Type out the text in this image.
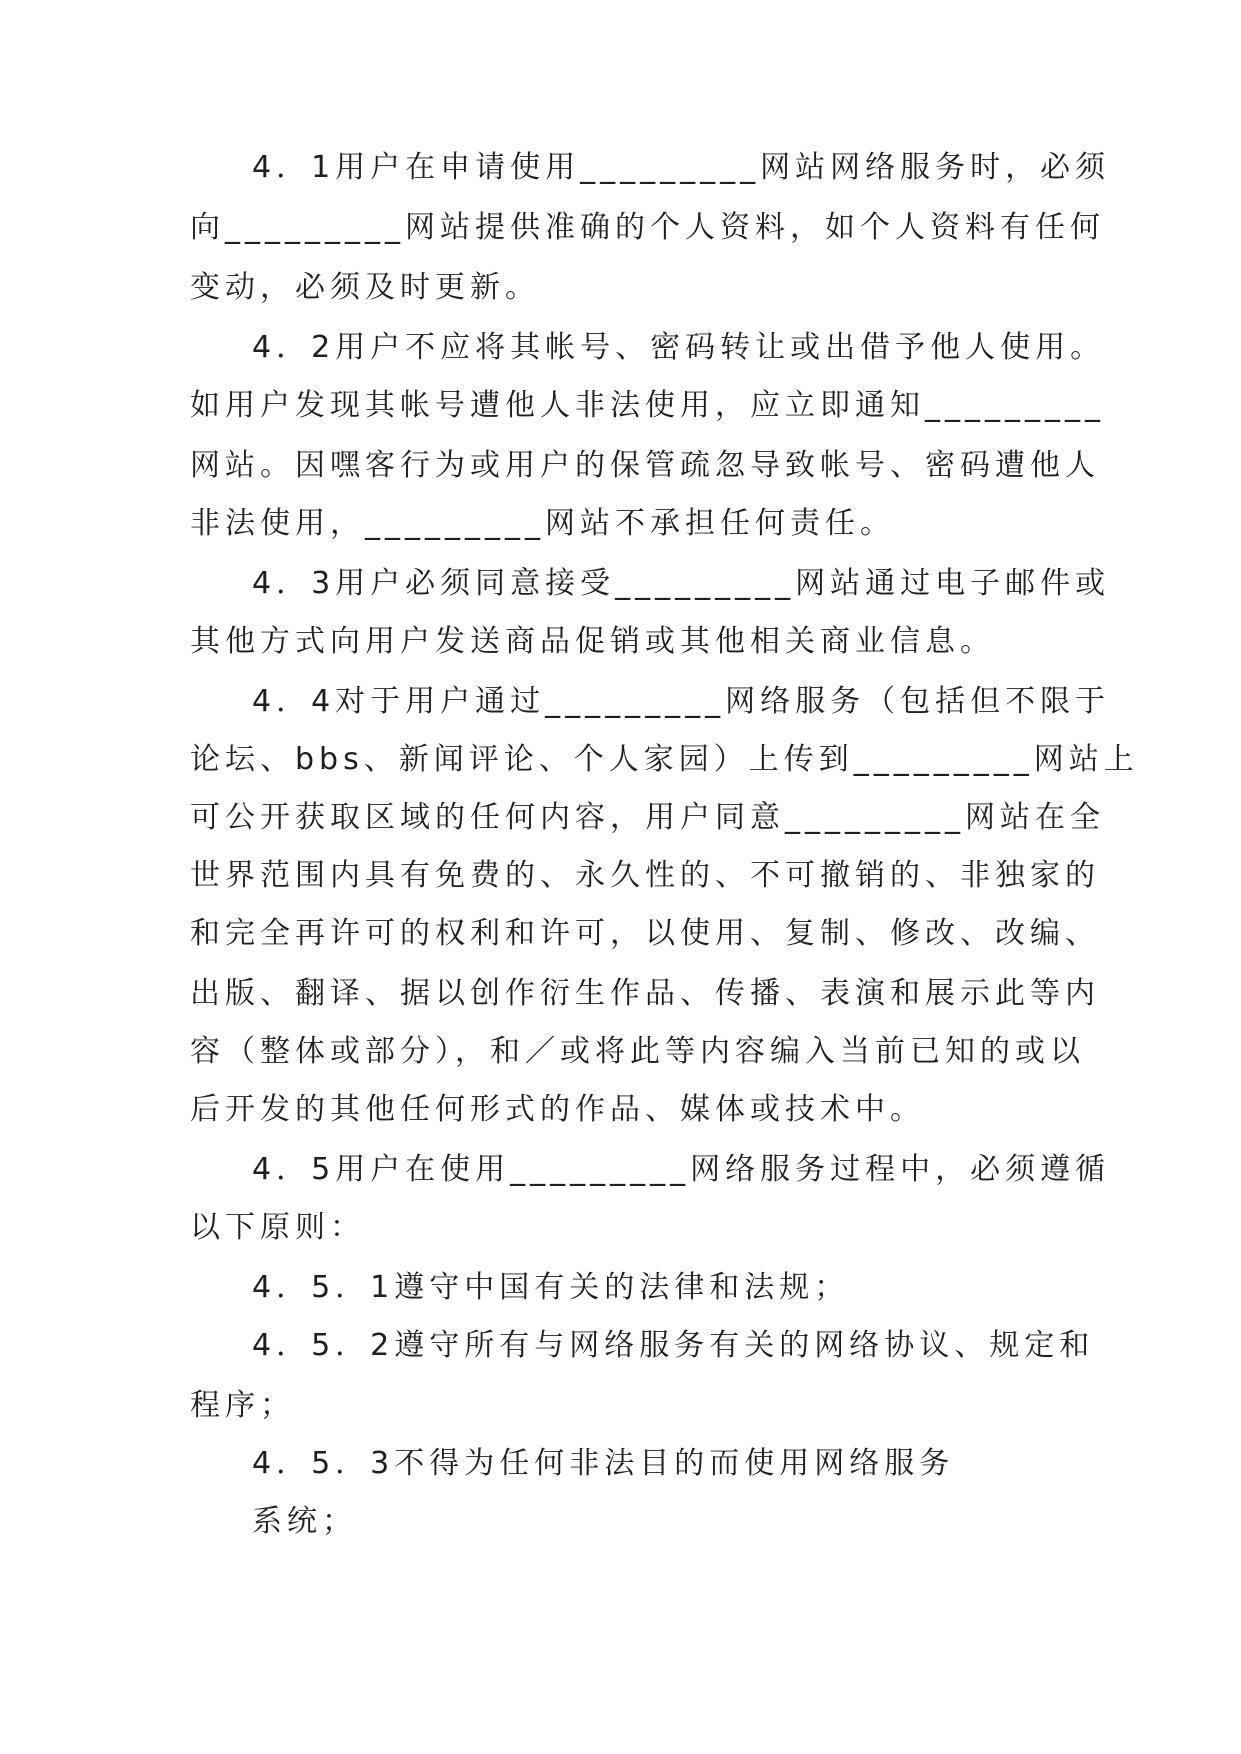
4．1用户在申请使用_________网站网络服务时，必须
向_________网站提供准确的个人资料，如个人资料有任何
变动，必须及时更新。
4．2用户不应将其帐号、密码转让或出借予他人使用。
如用户发现其帐号遭他人非法使用，应立即通知_________
网站。因嘿客行为或用户的保管疏忽导致帐号、密码遭他人
非法使用，_________网站不承担任何责任。
4．3用户必须同意接受_________网站通过电子邮件或
其他方式向用户发送商品促销或其他相关商业信息。
4．4对于用户通过_________网络服务（包括但不限于
论坛、bbs、新闻评论、个人家园）上传到_________网站上
可公开获取区域的任何内容，用户同意_________网站在全
世界范围内具有免费的、永久性的、不可撤销的、非独家的
和完全再许可的权利和许可，以使用、复制、修改、改编、
出版、翻译、据以创作衍生作品、传播、表演和展示此等内
容（整体或部分），和／或将此等内容编入当前已知的或以
后开发的其他任何形式的作品、媒体或技术中。
4．5用户在使用_________网络服务过程中，必须遵循
以下原则：
4．5．1遵守中国有关的法律和法规；
4．5．2遵守所有与网络服务有关的网络协议、规定和
程序；
4．5．3不得为任何非法目的而使用网络服务
系统；
